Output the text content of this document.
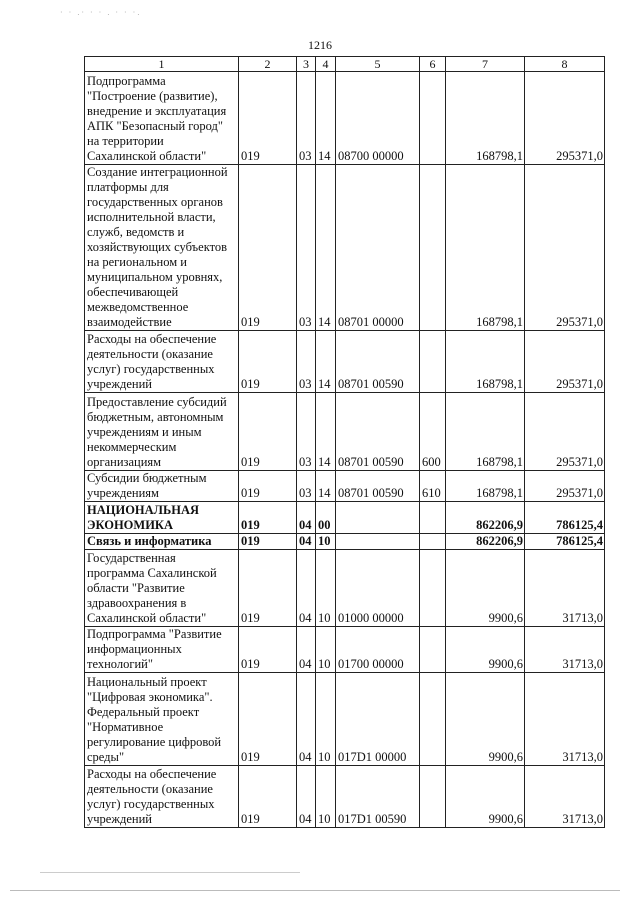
1216
1	2	3	4	5	6	7	8
Подпрограмма "Построение (развитие), внедрение и эксплуатация АПК "Безопасный город" на территории Сахалинской области"	019	03	14	08700 00000		168798,1	295371,0
Создание интеграционной платформы для государственных органов исполнительной власти, служб, ведомств и хозяйствующих субъектов на региональном и муниципальном уровнях, обеспечивающей межведомственное взаимодействие	019	03	14	08701 00000		168798,1	295371,0
Расходы на обеспечение деятельности (оказание услуг) государственных учреждений	019	03	14	08701 00590		168798,1	295371,0
Предоставление субсидий бюджетным, автономным учреждениям и иным некоммерческим организациям	019	03	14	08701 00590	600	168798,1	295371,0
Субсидии бюджетным учреждениям	019	03	14	08701 00590	610	168798,1	295371,0
НАЦИОНАЛЬНАЯ ЭКОНОМИКА	019	04	00			862206,9	786125,4
Связь и информатика	019	04	10			862206,9	786125,4
Государственная программа Сахалинской области "Развитие здравоохранения в Сахалинской области"	019	04	10	01000 00000		9900,6	31713,0
Подпрограмма "Развитие информационных технологий"	019	04	10	01700 00000		9900,6	31713,0
Национальный проект "Цифровая экономика". Федеральный проект "Нормативное регулирование цифровой среды"	019	04	10	017D1 00000		9900,6	31713,0
Расходы на обеспечение деятельности (оказание услуг) государственных учреждений	019	04	10	017D1 00590		9900,6	31713,0
· · .· · · . · · ·.
